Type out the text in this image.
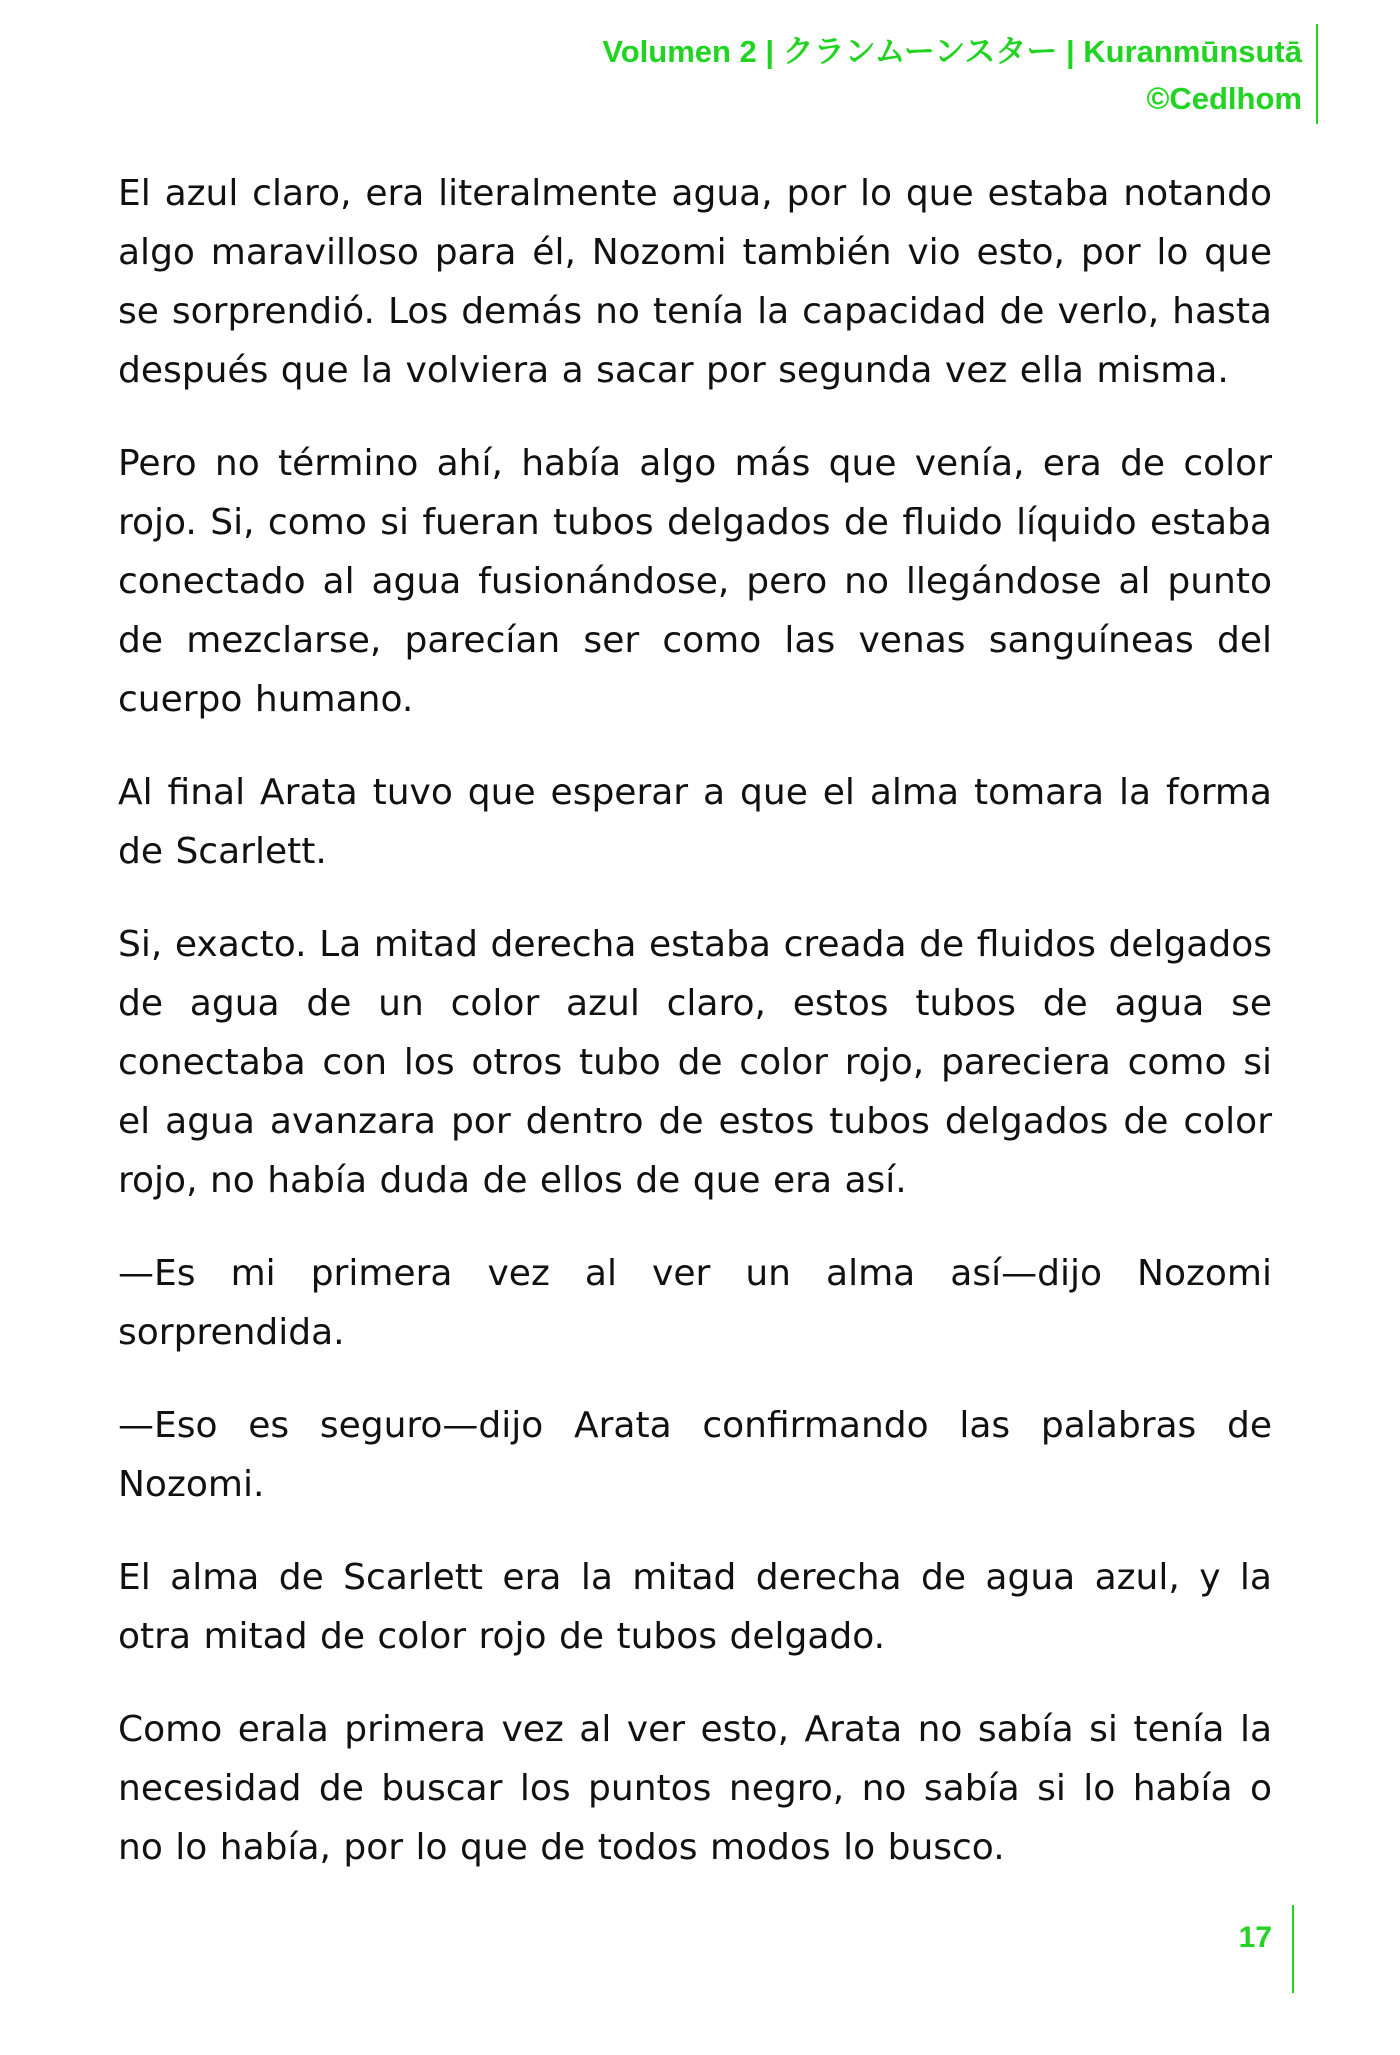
Volumen 2 | クランムーンスター | Kuranmūnsutā
©Cedlhom

El azul claro, era literalmente agua, por lo que estaba notando algo maravilloso para él, Nozomi también vio esto, por lo que se sorprendió. Los demás no tenía la capacidad de verlo, hasta después que la volviera a sacar por segunda vez ella misma.

Pero no término ahí, había algo más que venía, era de color rojo. Si, como si fueran tubos delgados de fluido líquido estaba conectado al agua fusionándose, pero no llegándose al punto de mezclarse, parecían ser como las venas sanguíneas del cuerpo humano.

Al final Arata tuvo que esperar a que el alma tomara la forma de Scarlett.

Si, exacto. La mitad derecha estaba creada de fluidos delgados de agua de un color azul claro, estos tubos de agua se conectaba con los otros tubo de color rojo, pareciera como si el agua avanzara por dentro de estos tubos delgados de color rojo, no había duda de ellos de que era así.

—Es mi primera vez al ver un alma así—dijo Nozomi sorprendida.

—Eso es seguro—dijo Arata confirmando las palabras de Nozomi.

El alma de Scarlett era la mitad derecha de agua azul, y la otra mitad de color rojo de tubos delgado.

Como erala primera vez al ver esto, Arata no sabía si tenía la necesidad de buscar los puntos negro, no sabía si lo había o no lo había, por lo que de todos modos lo busco.

17
